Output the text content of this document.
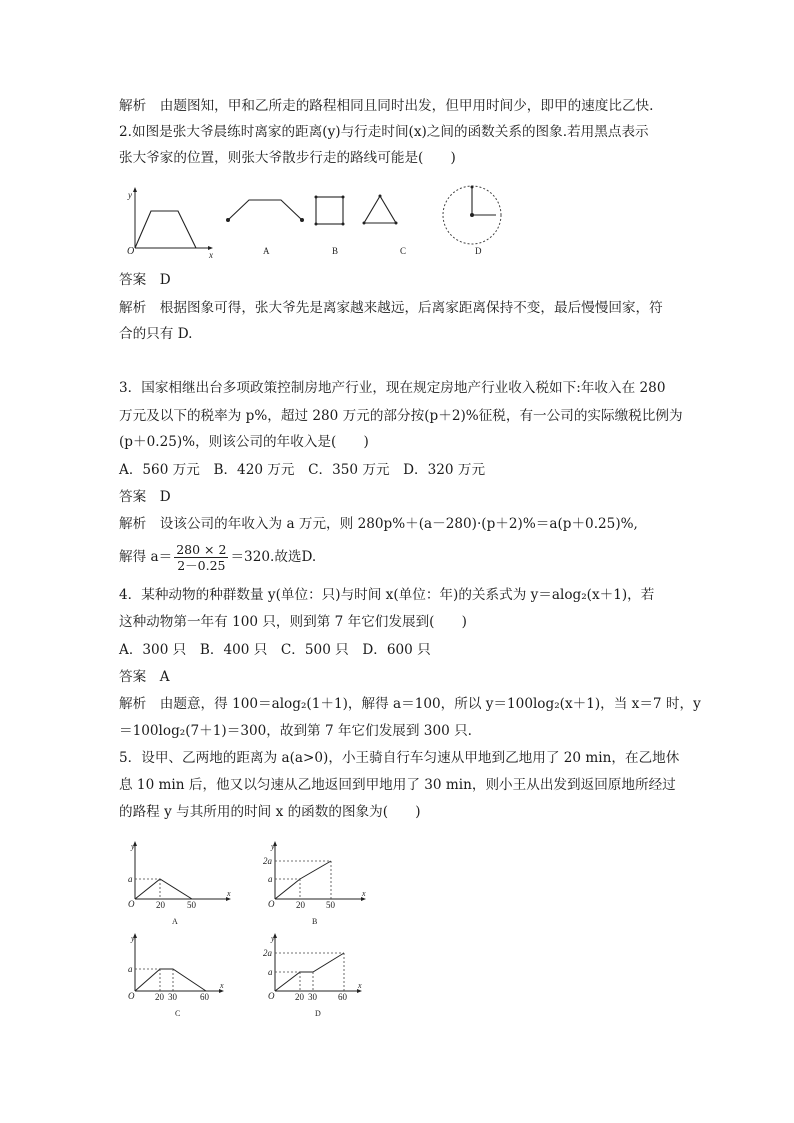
解析　由题图知，甲和乙所走的路程相同且同时出发，但甲用时间少，即甲的速度比乙快.
2.如图是张大爷晨练时离家的距离(y)与行走时间(x)之间的函数关系的图象.若用黑点表示
张大爷家的位置，则张大爷散步行走的路线可能是(　　)
y
x
O	A	B	C	D
答案　D
解析　根据图象可得，张大爷先是离家越来越远，后离家距离保持不变，最后慢慢回家，符
合的只有 D.
3．国家相继出台多项政策控制房地产行业，现在规定房地产行业收入税如下:年收入在 280
万元及以下的税率为 p%，超过 280 万元的部分按(p＋2)%征税，有一公司的实际缴税比例为
(p＋0.25)%，则该公司的年收入是(　　)
A．560 万元　B．420 万元　C．350 万元　D．320 万元
答案　D
解析　设该公司的年收入为 a 万元，则 280p%＋(a－280)·(p＋2)%＝a(p＋0.25)%,
解得 $a= \frac{280 \times 2}{2-0.25} =320$.故选D.
4．某种动物的种群数量 y(单位：只)与时间 x(单位：年)的关系式为 y＝alog₂(x＋1)，若
这种动物第一年有 100 只，则到第 7 年它们发展到(　　)
A．300 只　B．400 只　C．500 只　D．600 只
答案　A
解析　由题意，得 100＝alog₂(1＋1)，解得 a＝100，所以 y＝100log₂(x＋1)，当 x＝7 时，y
＝100log₂(7＋1)＝300，故到第 7 年它们发展到 300 只.
5．设甲、乙两地的距离为 a(a>0)，小王骑自行车匀速从甲地到乙地用了 20 min，在乙地休
息 10 min 后，他又以匀速从乙地返回到甲地用了 30 min，则小王从出发到返回原地所经过
的路程 y 与其所用的时间 x 的函数的图象为(　　)
y
x
O
a
20 50
A
y
x
O
a
2a
20 50
B
y
x
O
a
20 30	60
C
y
x
O
a
2a
20 30 60
D
